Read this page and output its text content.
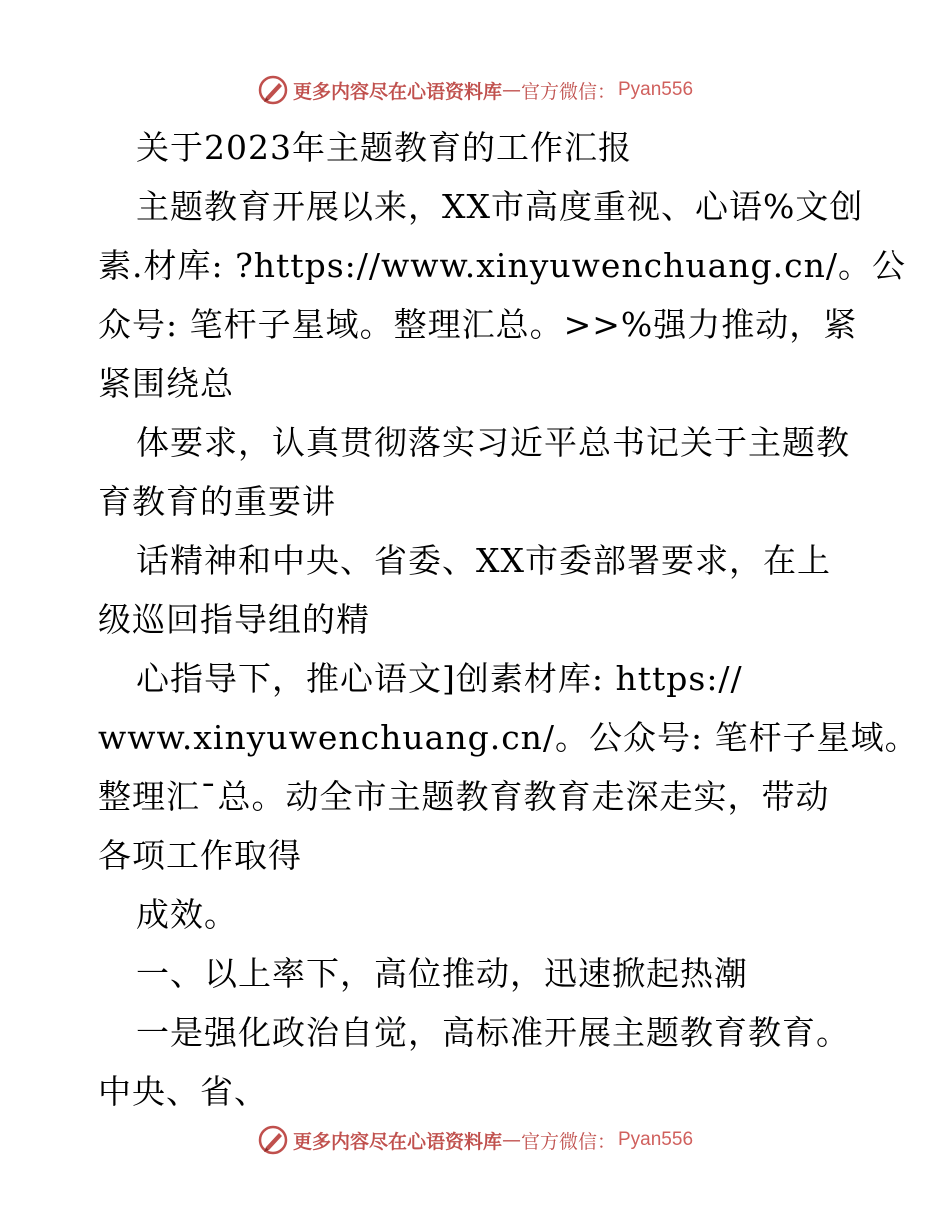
更多内容尽在心语资料库 — 官方微信： Pyan556
关于2023年主题教育的工作汇报
主题教育开展以来，XX市高度重视、心语%文创
素.材库: ?https://www.xinyuwenchuang.cn/。公
众号: 笔杆子星域。整理汇总。>>%强力推动，紧
紧围绕总
体要求，认真贯彻落实习近平总书记关于主题教
育教育的重要讲
话精神和中央、省委、XX市委部署要求，在上
级巡回指导组的精
心指导下，推心语文]创素材库: https://
www.xinyuwenchuang.cn/。公众号: 笔杆子星域。
整理汇¯总。动全市主题教育教育走深走实，带动
各项工作取得
成效。
一、以上率下，高位推动，迅速掀起热潮
一是强化政治自觉，高标准开展主题教育教育。
中央、省、
更多内容尽在心语资料库 — 官方微信： Pyan556
